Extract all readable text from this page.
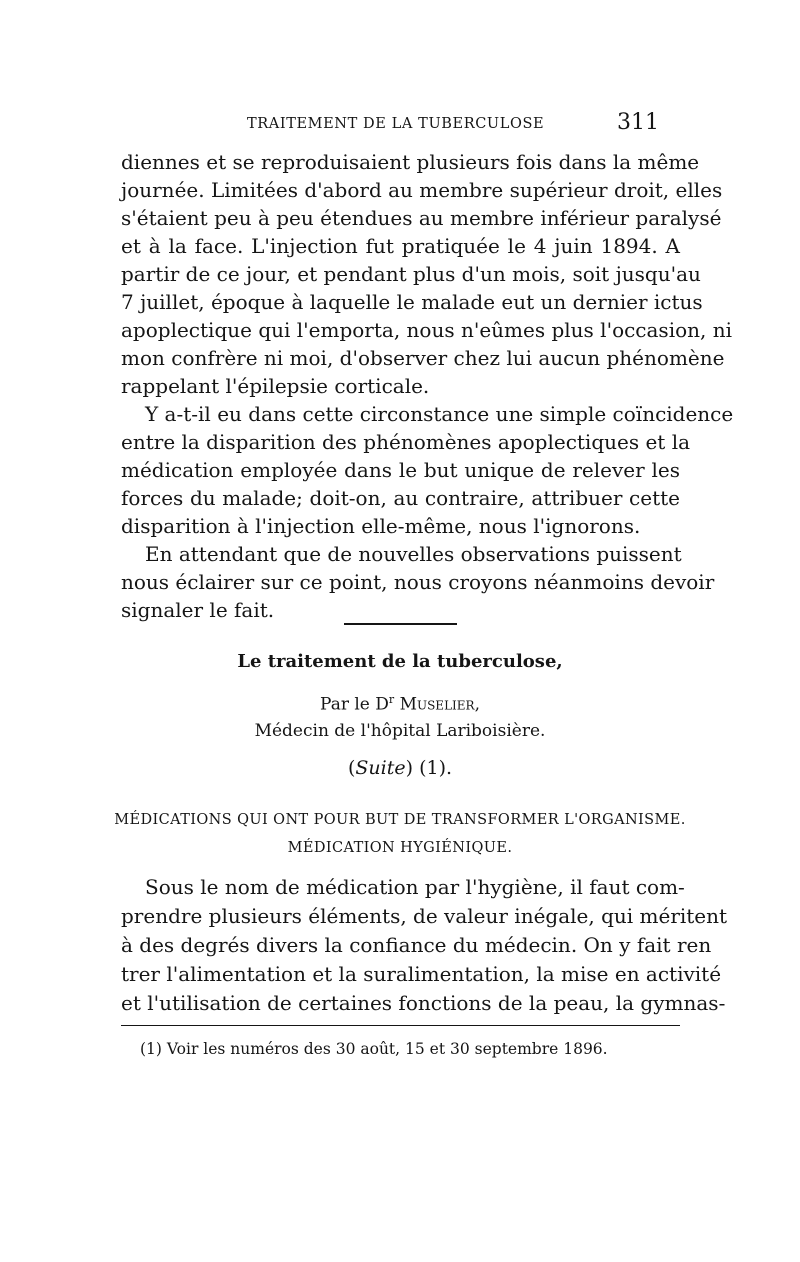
TRAITEMENT DE LA TUBERCULOSE	311
diennes et se reproduisaient plusieurs fois dans la même
journée. Limitées d'abord au membre supérieur droit, elles
s'étaient peu à peu étendues au membre inférieur paralysé
et à la face. L'injection fut pratiquée le 4 juin 1894. A
partir de ce jour, et pendant plus d'un mois, soit jusqu'au
7 juillet, époque à laquelle le malade eut un dernier ictus
apoplectique qui l'emporta, nous n'eûmes plus l'occasion, ni
mon confrère ni moi, d'observer chez lui aucun phénomène
rappelant l'épilepsie corticale.
Y a-t-il eu dans cette circonstance une simple coïncidence
entre la disparition des phénomènes apoplectiques et la
médication employée dans le but unique de relever les
forces du malade; doit-on, au contraire, attribuer cette
disparition à l'injection elle-même, nous l'ignorons.
En attendant que de nouvelles observations puissent
nous éclairer sur ce point, nous croyons néanmoins devoir
signaler le fait.
Le traitement de la tuberculose,
Par le $D^r$ Muselier,
Médecin de l'hôpital Lariboisière.
(Suite) (1).
MÉDICATIONS QUI ONT POUR BUT DE TRANSFORMER L'ORGANISME.
MÉDICATION HYGIÉNIQUE.
Sous le nom de médication par l'hygiène, il faut com-
prendre plusieurs éléments, de valeur inégale, qui méritent
à des degrés divers la confiance du médecin. On y fait ren
trer l'alimentation et la suralimentation, la mise en activité
et l'utilisation de certaines fonctions de la peau, la gymnas-
(1) Voir les numéros des 30 août, 15 et 30 septembre 1896.
